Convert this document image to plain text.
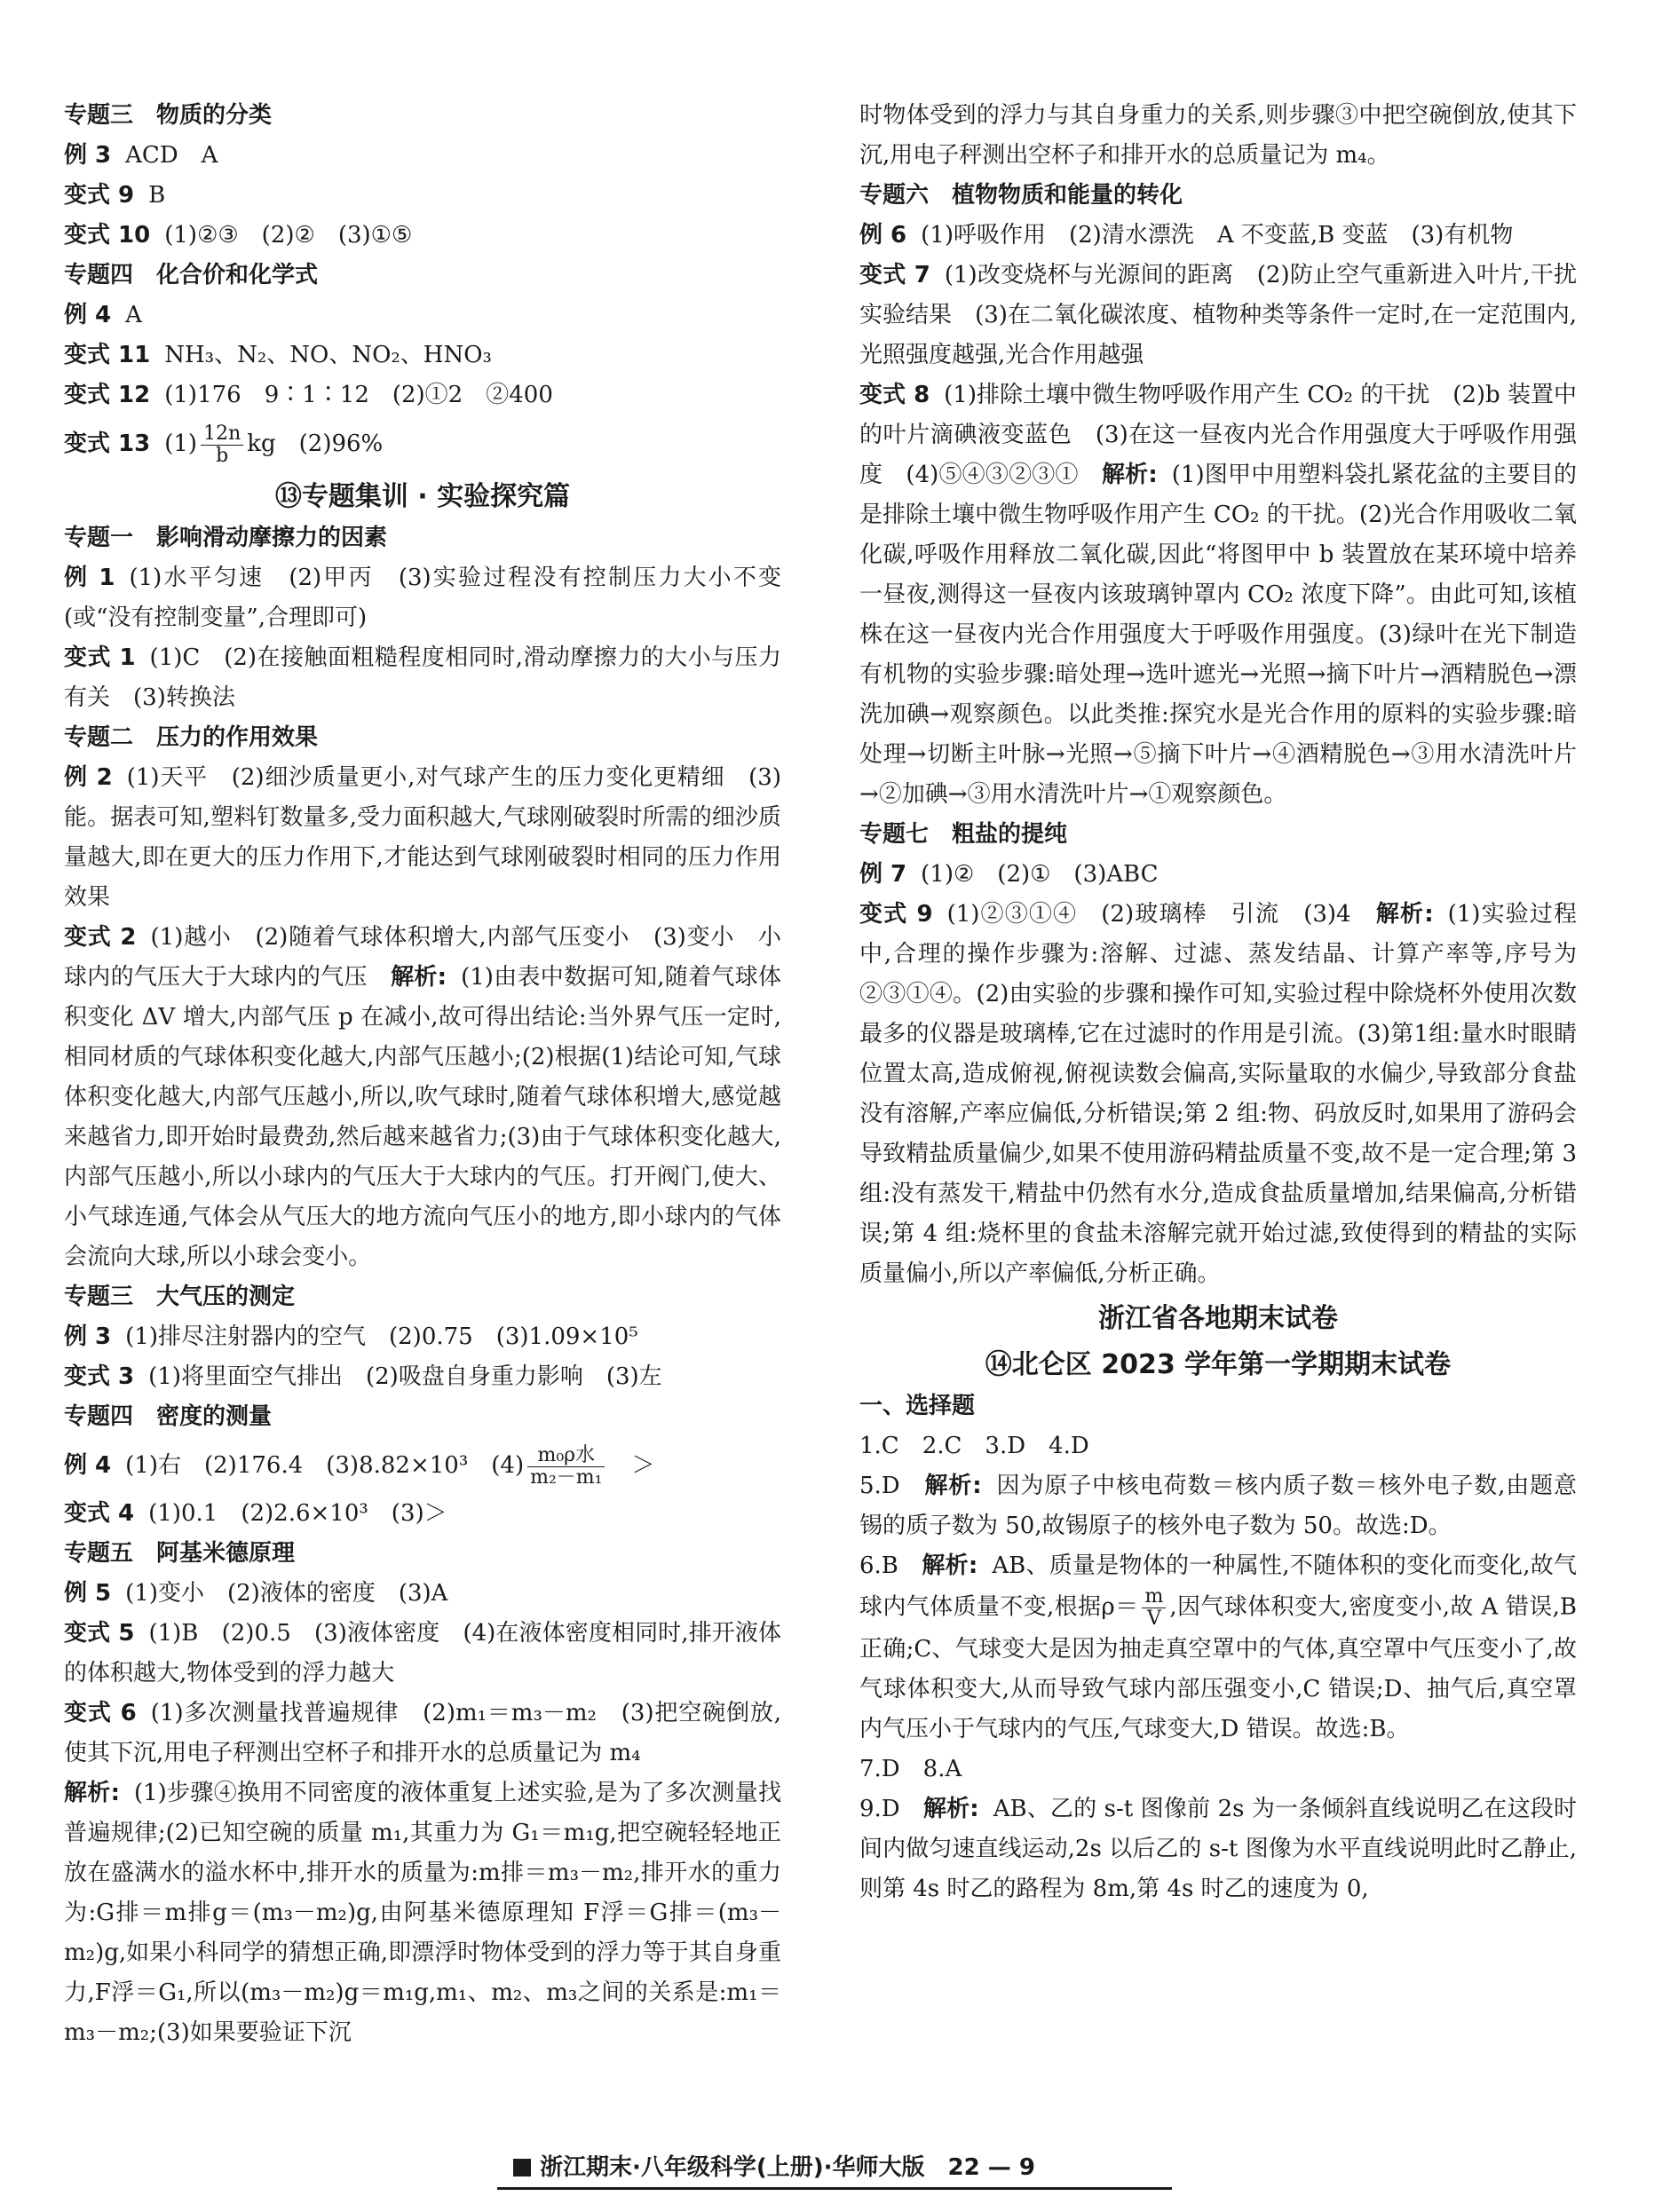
专题三　物质的分类

例 3 ACD　A

变式 9 B

变式 10 (1)②③　(2)②　(3)①⑤

专题四　化合价和化学式

例 4 A

变式 11 NH₃、N₂、NO、NO₂、HNO₃

变式 12 (1)176　9∶1∶12　(2)①2　②400

变式 13 $(1) \frac{12n}{b}$ kg　(2)96%

⑬专题集训 · 实验探究篇

专题一　影响滑动摩擦力的因素

例 1 (1)水平匀速　(2)甲丙　(3)实验过程没有控制压力大小不变(或“没有控制变量”,合理即可)

变式 1 (1)C　(2)在接触面粗糙程度相同时,滑动摩擦力的大小与压力有关　(3)转换法

专题二　压力的作用效果

例 2 (1)天平　(2)细沙质量更小,对气球产生的压力变化更精细　(3)能。据表可知,塑料钉数量多,受力面积越大,气球刚破裂时所需的细沙质量越大,即在更大的压力作用下,才能达到气球刚破裂时相同的压力作用效果

变式 2 (1)越小　(2)随着气球体积增大,内部气压变小　(3)变小　小球内的气压大于大球内的气压　 解析: (1)由表中数据可知,随着气球体积变化 ΔV 增大,内部气压 p 在减小,故可得出结论:当外界气压一定时,相同材质的气球体积变化越大,内部气压越小;(2)根据(1)结论可知,气球体积变化越大,内部气压越小,所以,吹气球时,随着气球体积增大,感觉越来越省力,即开始时最费劲,然后越来越省力;(3)由于气球体积变化越大,内部气压越小,所以小球内的气压大于大球内的气压。打开阀门,使大、小气球连通,气体会从气压大的地方流向气压小的地方,即小球内的气体会流向大球,所以小球会变小。

专题三　大气压的测定

例 3 (1)排尽注射器内的空气　(2)0.75　(3)1.09×10⁵

变式 3 (1)将里面空气排出　(2)吸盘自身重力影响　(3)左

专题四　密度的测量

例 4 (1)右　(2)176.4　(3)8.82×10³　$(4) \frac{\text{m₀ρ水}}{\text{m₂－m₁}}$
　 ＞

变式 4 (1)0.1　(2)2.6×10³　(3)＞

专题五　阿基米德原理

例 5 (1)变小　(2)液体的密度　(3)A

变式 5 (1)B　(2)0.5　(3)液体密度　(4)在液体密度相同时,排开液体的体积越大,物体受到的浮力越大

变式 6 (1)多次测量找普遍规律　(2)m₁＝m₃－m₂　(3)把空碗倒放,使其下沉,用电子秤测出空杯子和排开水的总质量记为 m₄

解析: (1)步骤④换用不同密度的液体重复上述实验,是为了多次测量找普遍规律;(2)已知空碗的质量 m₁,其重力为 G₁＝m₁g,把空碗轻轻地正放在盛满水的溢水杯中,排开水的质量为:m排＝m₃－m₂,排开水的重力为:G排＝m排g＝(m₃－m₂)g,由阿基米德原理知 F浮＝G排＝(m₃－m₂)g,如果小科同学的猜想正确,即漂浮时物体受到的浮力等于其自身重力,F浮＝G₁,所以(m₃－m₂)g＝m₁g,m₁、m₂、m₃之间的关系是:m₁＝m₃－m₂;(3)如果要验证下沉

时物体受到的浮力与其自身重力的关系,则步骤③中把空碗倒放,使其下沉,用电子秤测出空杯子和排开水的总质量记为 m₄。

专题六　植物物质和能量的转化

例 6 (1)呼吸作用　(2)清水漂洗　A 不变蓝,B 变蓝　(3)有机物

变式 7 (1)改变烧杯与光源间的距离　(2)防止空气重新进入叶片,干扰实验结果　(3)在二氧化碳浓度、植物种类等条件一定时,在一定范围内,光照强度越强,光合作用越强

变式 8 (1)排除土壤中微生物呼吸作用产生 CO₂ 的干扰　(2)b 装置中的叶片滴碘液变蓝色　(3)在这一昼夜内光合作用强度大于呼吸作用强度　(4)⑤④③②③①　 解析: (1)图甲中用塑料袋扎紧花盆的主要目的是排除土壤中微生物呼吸作用产生 CO₂ 的干扰。(2)光合作用吸收二氧化碳,呼吸作用释放二氧化碳,因此“将图甲中 b 装置放在某环境中培养一昼夜,测得这一昼夜内该玻璃钟罩内 CO₂ 浓度下降”。由此可知,该植株在这一昼夜内光合作用强度大于呼吸作用强度。(3)绿叶在光下制造有机物的实验步骤:暗处理→选叶遮光→光照→摘下叶片→酒精脱色→漂洗加碘→观察颜色。以此类推:探究水是光合作用的原料的实验步骤:暗处理→切断主叶脉→光照→⑤摘下叶片→④酒精脱色→③用水清洗叶片→②加碘→③用水清洗叶片→①观察颜色。

专题七　粗盐的提纯

例 7 (1)②　(2)①　(3)ABC

变式 9 (1)②③①④　(2)玻璃棒　引流　(3)4　 解析: (1)实验过程中,合理的操作步骤为:溶解、过滤、蒸发结晶、计算产率等,序号为②③①④。(2)由实验的步骤和操作可知,实验过程中除烧杯外使用次数最多的仪器是玻璃棒,它在过滤时的作用是引流。(3)第1组:量水时眼睛位置太高,造成俯视,俯视读数会偏高,实际量取的水偏少,导致部分食盐没有溶解,产率应偏低,分析错误;第 2 组:物、码放反时,如果用了游码会导致精盐质量偏少,如果不使用游码精盐质量不变,故不是一定合理;第 3 组:没有蒸发干,精盐中仍然有水分,造成食盐质量增加,结果偏高,分析错误;第 4 组:烧杯里的食盐未溶解完就开始过滤,致使得到的精盐的实际质量偏小,所以产率偏低,分析正确。

浙江省各地期末试卷

⑭北仑区 2023 学年第一学期期末试卷

一、选择题

1.C　2.C　3.D　4.D

5.D　 解析: 因为原子中核电荷数＝核内质子数＝核外电子数,由题意锡的质子数为 50,故锡原子的核外电子数为 50。故选:D。

6.B　 解析: AB、质量是物体的一种属性,不随体积的变化而变化,故气球内气体质量不变,根据$\rho= \frac{m}{V}$ ,因气球体积变大,密度变小,故 A 错误,B 正确;C、气球变大是因为抽走真空罩中的气体,真空罩中气压变小了,故气球体积变大,从而导致气球内部压强变小,C 错误;D、抽气后,真空罩内气压小于气球内的气压,气球变大,D 错误。故选:B。

7.D　8.A

9.D　 解析: AB、乙的 s-t 图像前 2s 为一条倾斜直线说明乙在这段时间内做匀速直线运动,2s 以后乙的 s-t 图像为水平直线说明此时乙静止,则第 4s 时乙的路程为 8m,第 4s 时乙的速度为 0,

浙江期末·八年级科学(上册)·华师大版　 22 — 9
